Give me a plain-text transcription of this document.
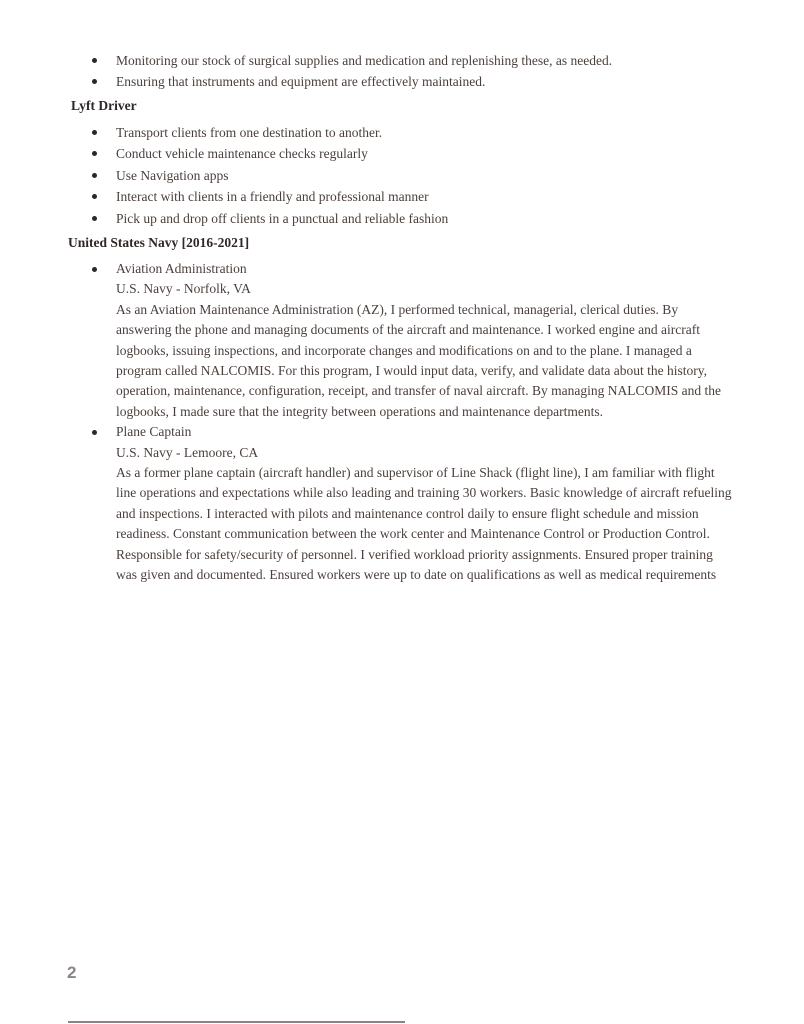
Monitoring our stock of surgical supplies and medication and replenishing these, as needed.
Ensuring that instruments and equipment are effectively maintained.
Lyft Driver
Transport clients from one destination to another.
Conduct vehicle maintenance checks regularly
Use Navigation apps
Interact with clients in a friendly and professional manner
Pick up and drop off clients in a punctual and reliable fashion
United States Navy [2016-2021]
Aviation Administration
U.S. Navy - Norfolk, VA
As an Aviation Maintenance Administration (AZ), I performed technical, managerial, clerical duties. By answering the phone and managing documents of the aircraft and maintenance. I worked engine and aircraft logbooks, issuing inspections, and incorporate changes and modifications on and to the plane. I managed a program called NALCOMIS. For this program, I would input data, verify, and validate data about the history, operation, maintenance, configuration, receipt, and transfer of naval aircraft. By managing NALCOMIS and the logbooks, I made sure that the integrity between operations and maintenance departments.
Plane Captain
U.S. Navy - Lemoore, CA
As a former plane captain (aircraft handler) and supervisor of Line Shack (flight line), I am familiar with flight line operations and expectations while also leading and training 30 workers. Basic knowledge of aircraft refueling and inspections. I interacted with pilots and maintenance control daily to ensure flight schedule and mission readiness. Constant communication between the work center and Maintenance Control or Production Control. Responsible for safety/security of personnel. I verified workload priority assignments. Ensured proper training was given and documented. Ensured workers were up to date on qualifications as well as medical requirements
2
